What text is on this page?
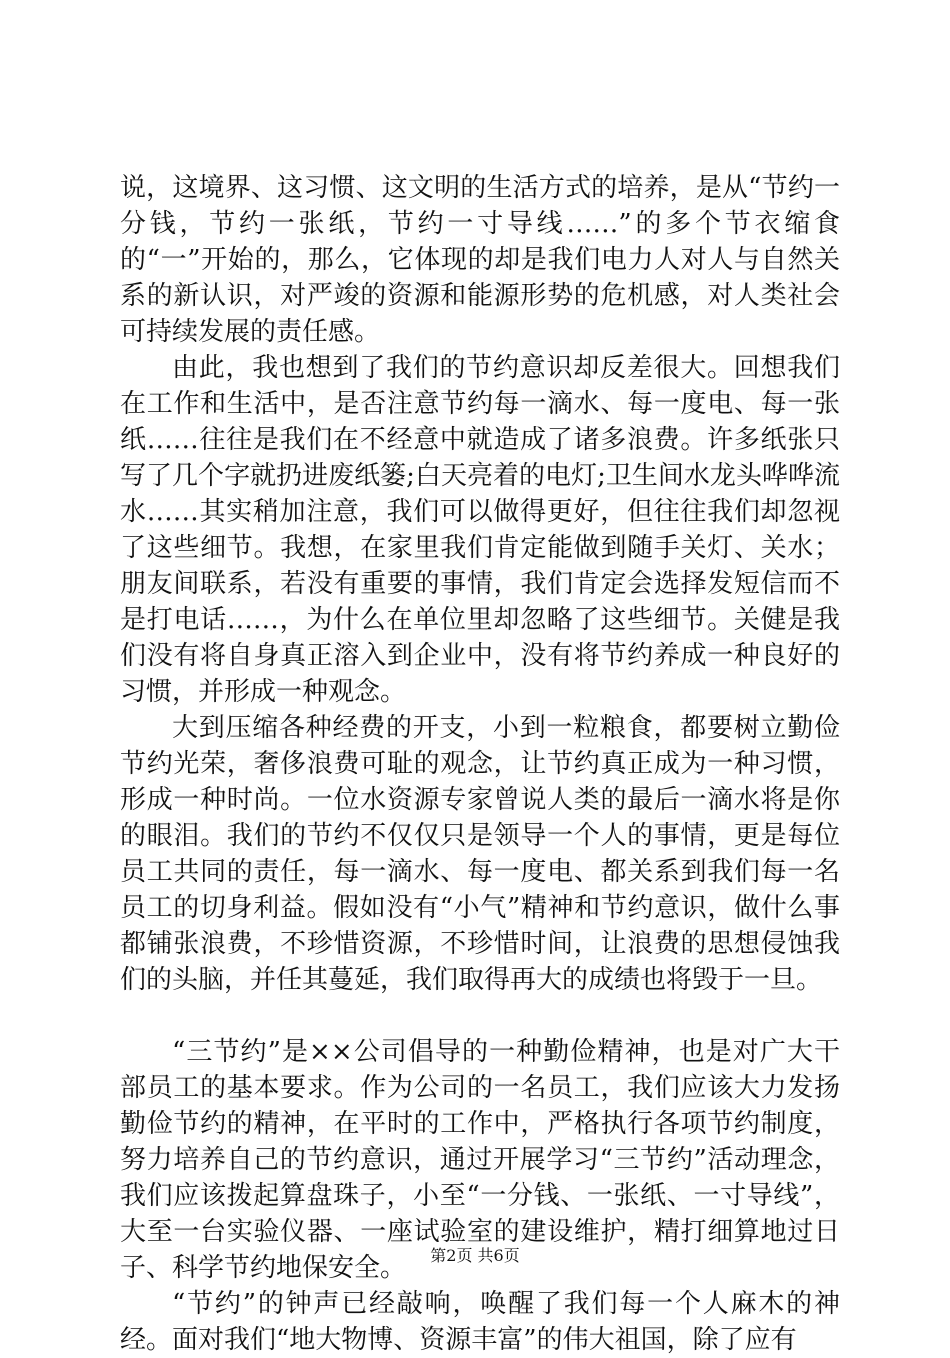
说，这境界、这习惯、这文明的生活方式的培养，是从“节约一分钱，节约一张纸，节约一寸导线……”的多个节衣缩食的“一”开始的，那么，它体现的却是我们电力人对人与自然关系的新认识，对严竣的资源和能源形势的危机感，对人类社会可持续发展的责任感。

由此，我也想到了我们的节约意识却反差很大。回想我们在工作和生活中，是否注意节约每一滴水、每一度电、每一张纸……往往是我们在不经意中就造成了诸多浪费。许多纸张只写了几个字就扔进废纸篓;白天亮着的电灯;卫生间水龙头哗哗流水……其实稍加注意，我们可以做得更好，但往往我们却忽视了这些细节。我想，在家里我们肯定能做到随手关灯、关水；朋友间联系，若没有重要的事情，我们肯定会选择发短信而不是打电话……，为什么在单位里却忽略了这些细节。关健是我们没有将自身真正溶入到企业中，没有将节约养成一种良好的习惯，并形成一种观念。

大到压缩各种经费的开支，小到一粒粮食，都要树立勤俭节约光荣，奢侈浪费可耻的观念，让节约真正成为一种习惯，形成一种时尚。一位水资源专家曾说人类的最后一滴水将是你的眼泪。我们的节约不仅仅只是领导一个人的事情，更是每位员工共同的责任，每一滴水、每一度电、都关系到我们每一名员工的切身利益。假如没有“小气”精神和节约意识，做什么事都铺张浪费，不珍惜资源，不珍惜时间，让浪费的思想侵蚀我们的头脑，并任其蔓延，我们取得再大的成绩也将毁于一旦。

“三节约”是××公司倡导的一种勤俭精神，也是对广大干部员工的基本要求。作为公司的一名员工，我们应该大力发扬勤俭节约的精神，在平时的工作中，严格执行各项节约制度，努力培养自己的节约意识，通过开展学习“三节约”活动理念，我们应该拨起算盘珠子，小至“一分钱、一张纸、一寸导线”，大至一台实验仪器、一座试验室的建设维护，精打细算地过日子、科学节约地保安全。

“节约”的钟声已经敲响，唤醒了我们每一个人麻木的神经。面对我们“地大物博、资源丰富”的伟大祖国，除了应有

第2页 共6页
